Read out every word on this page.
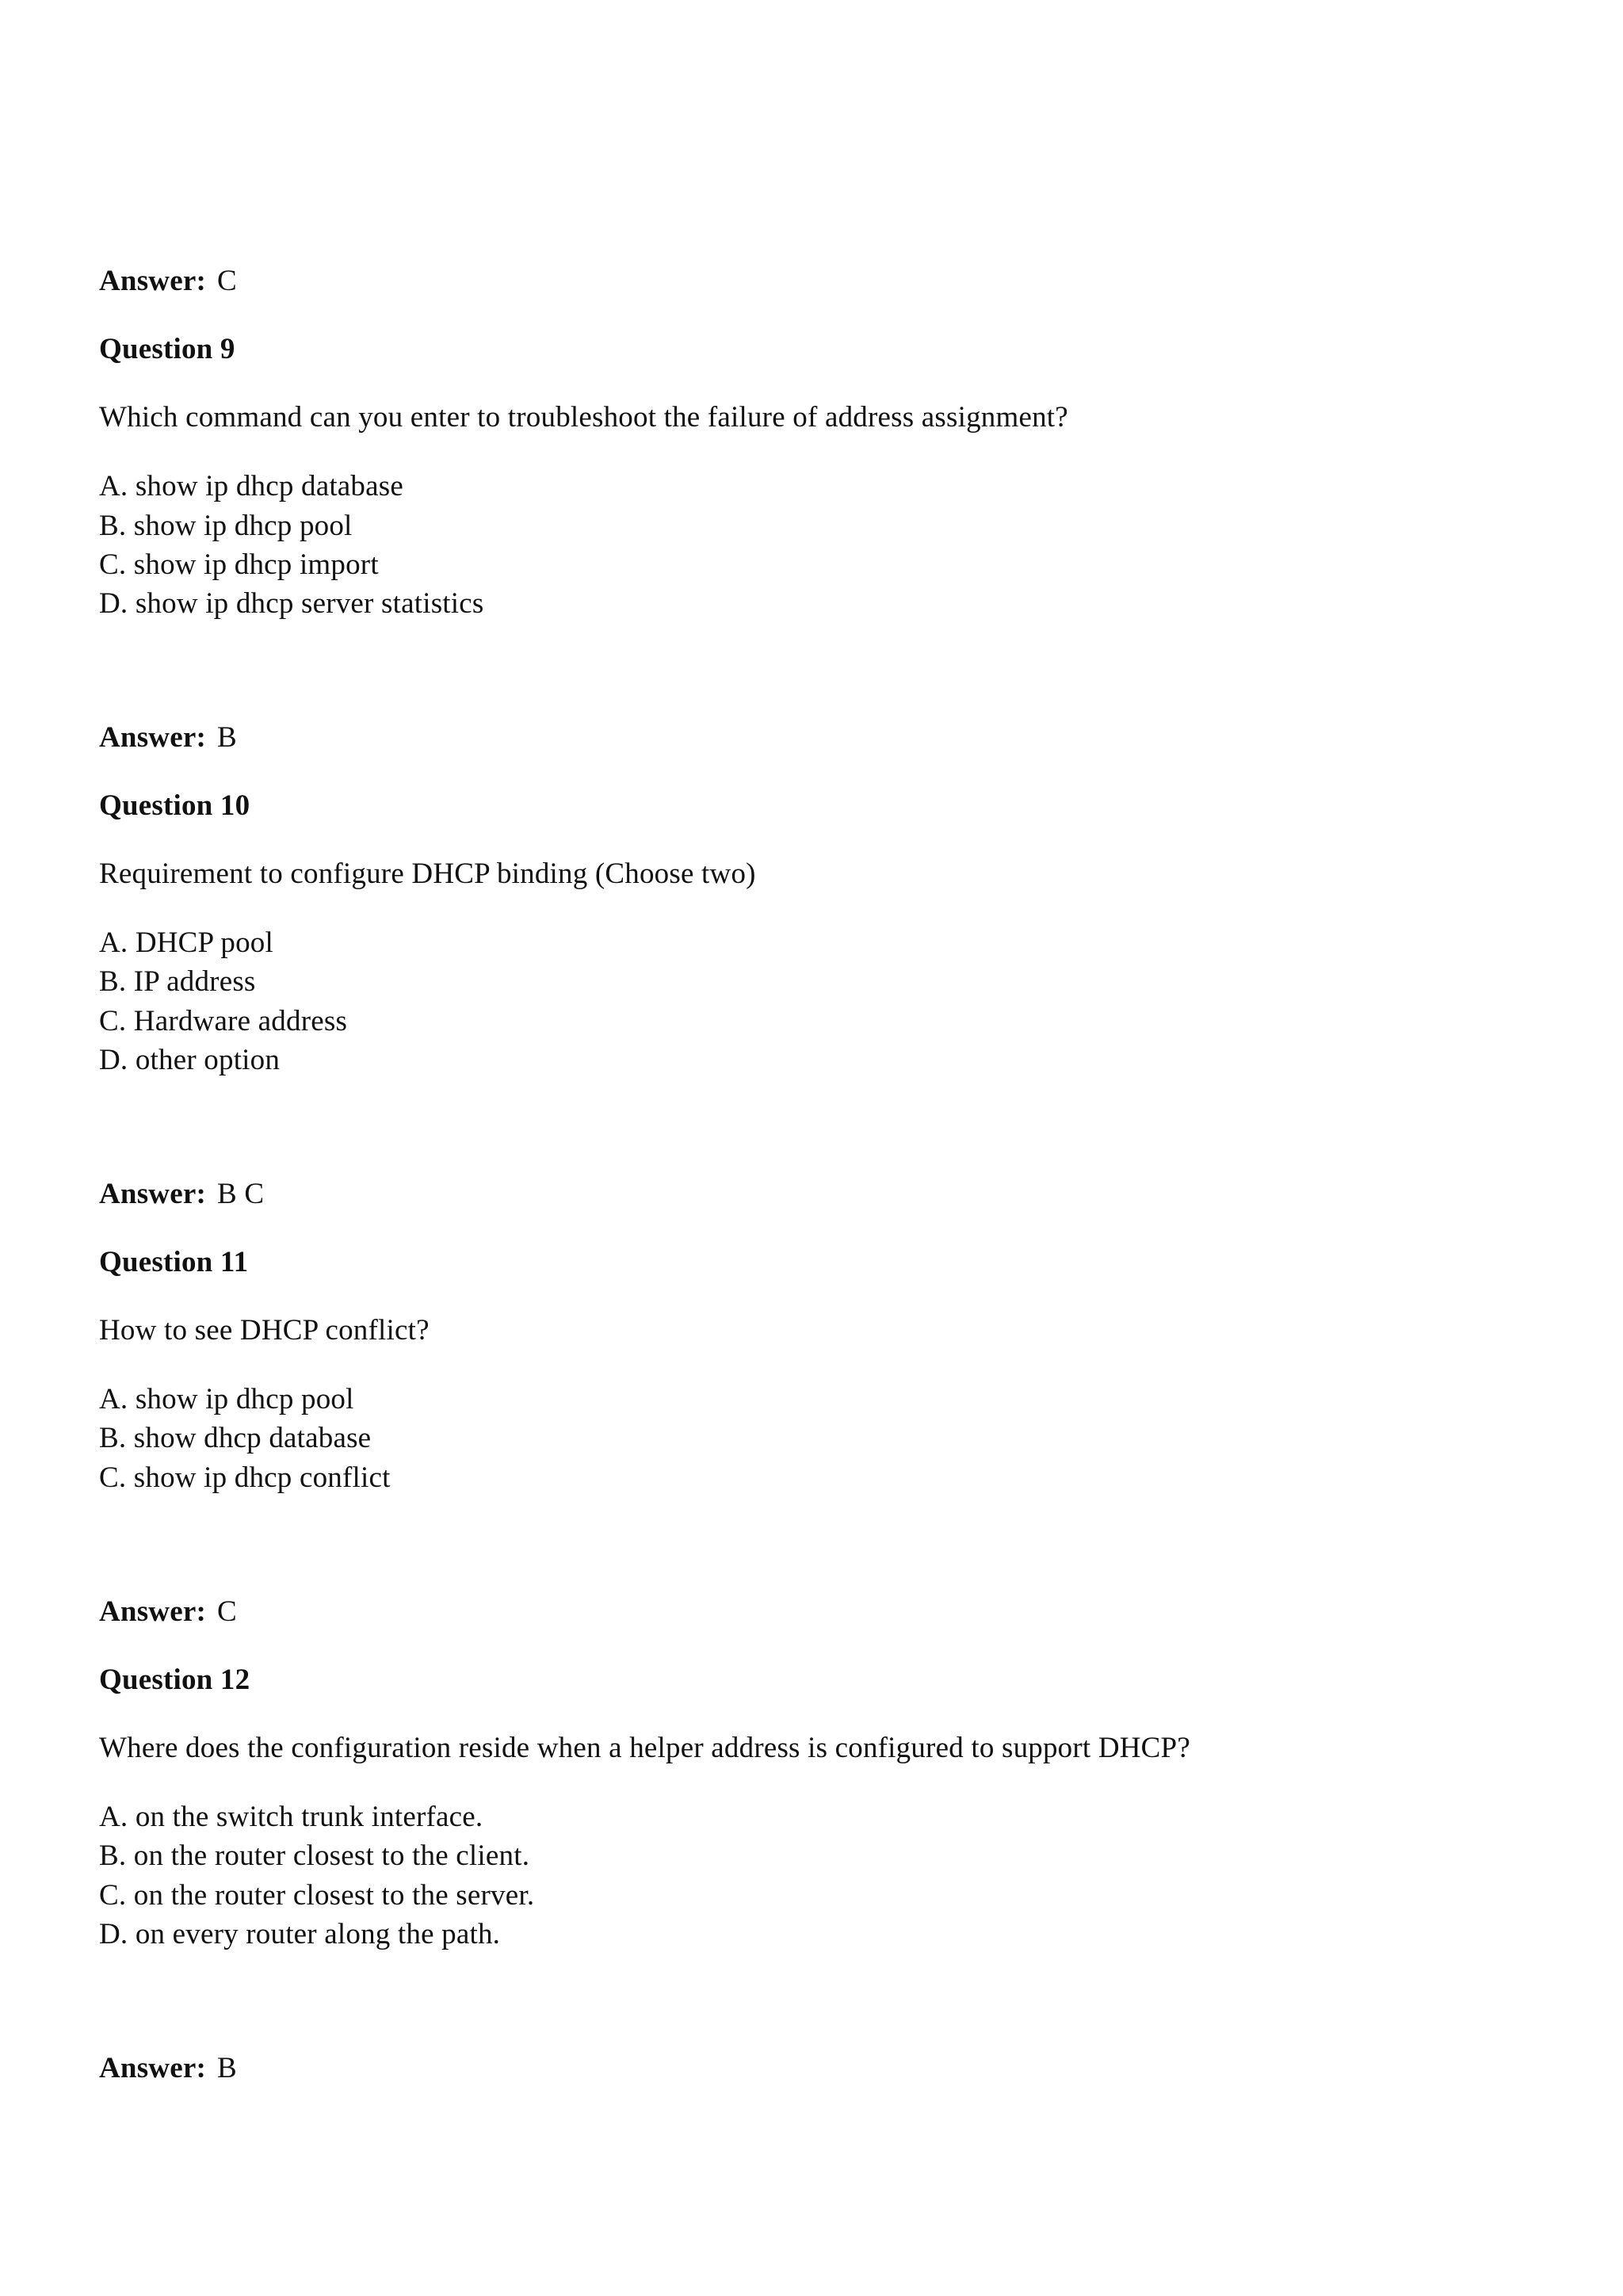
Answer: C
Question 9
Which command can you enter to troubleshoot the failure of address assignment?
A. show ip dhcp database
B. show ip dhcp pool
C. show ip dhcp import
D. show ip dhcp server statistics
Answer: B
Question 10
Requirement to configure DHCP binding (Choose two)
A. DHCP pool
B. IP address
C. Hardware address
D. other option
Answer: B C
Question 11
How to see DHCP conflict?
A. show ip dhcp pool
B. show dhcp database
C. show ip dhcp conflict
Answer: C
Question 12
Where does the configuration reside when a helper address is configured to support DHCP?
A. on the switch trunk interface.
B. on the router closest to the client.
C. on the router closest to the server.
D. on every router along the path.
Answer: B
